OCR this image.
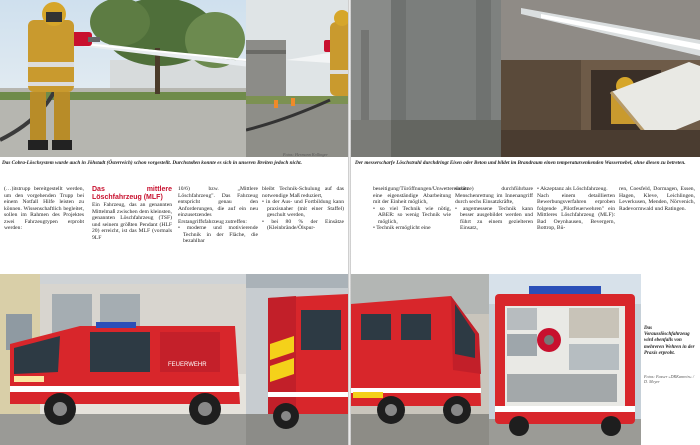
Das Cobra-Löschsystem wurde auch in Jöhstadt (Österreich) schon vorgestellt. Durchstoßen konnte es sich in unseren Breiten jedoch nicht.

Fotos: Hermann Kollinger

(…)itstrupp bereitgestellt werden, um den vorgehenden Trupp bei einem Notfall Hilfe leisten zu können. Wissenschaftlich begleitet, sollen im Rahmen des Projektes zwei Fahrzeugtypen erprobt werden:

Das mittlere Löschfahrzeug (MLF)

Ein Fahrzeug, das an genannten Mittelmaß zwischen dem kleinsten, genannten Löschfahrzeug (TSF) und seinem größten Pendant (HLF 20) erreicht, ist das MLF (vormals 9LF

10/6) bzw. „Mittlere Löschfahrzeug". Das Fahrzeug entspricht genau den Anforderungen, die auf ein neu einzusetzendes Erstangriffsfahrzeug zutreffen:

• moderne und motivierende Technik in der Fläche, die bezahlbar

bleibt Technik-Schulung auf das notwendige Maß reduziert,

• in der Aus- und Fortbildung kann praxisnaher (mit einer Staffel) geschult werden,
• bei 80 % der Einsätze (Kleinbrände/Ölspur-
FEUERWEHR

Der messerscharfe Löschstrahl durchdringt Eisen oder Beton und bildet im Brandraum einen temperatursenkenden Wassernebel, ohne diesen zu betreten.

beseitigung/Türöffnungen/Unwettereinsätze) eine eigenständige Abarbeitung mit der Einheit möglich,

• so viel Technik wie nötig, ABER: so wenig Technik wie möglich,
• Technik ermöglicht eine

sicher durchführbare Menschenrettung im Innenangriff durch sechs Einsatzkräfte,

• angemessene Technik kann besser ausgebildet werden und führt zu einem gezielteren Einsatz,
• Akzeptanz als Löschfahrzeug.

Nach einem detaillierten Bewerbungsverfahren erproben folgende „Pilotfeuerwehren" ein Mittleres Löschfahrzeug (MLF): Bad Oeynhausen, Bevergern, Bottrop, Bü-

ren, Coesfeld, Dormagen, Essen, Hagen, Kleve, Leichlingen, Leverkusen, Menden, Nörvenich, Radevormwald und Ratingen.

Das Vorausslöschfahrzeug wird ebenfalls von mehreren Wehren in der Praxis erprobt.
Fotos: Fasser »DRKanrein« / D. Meyer
